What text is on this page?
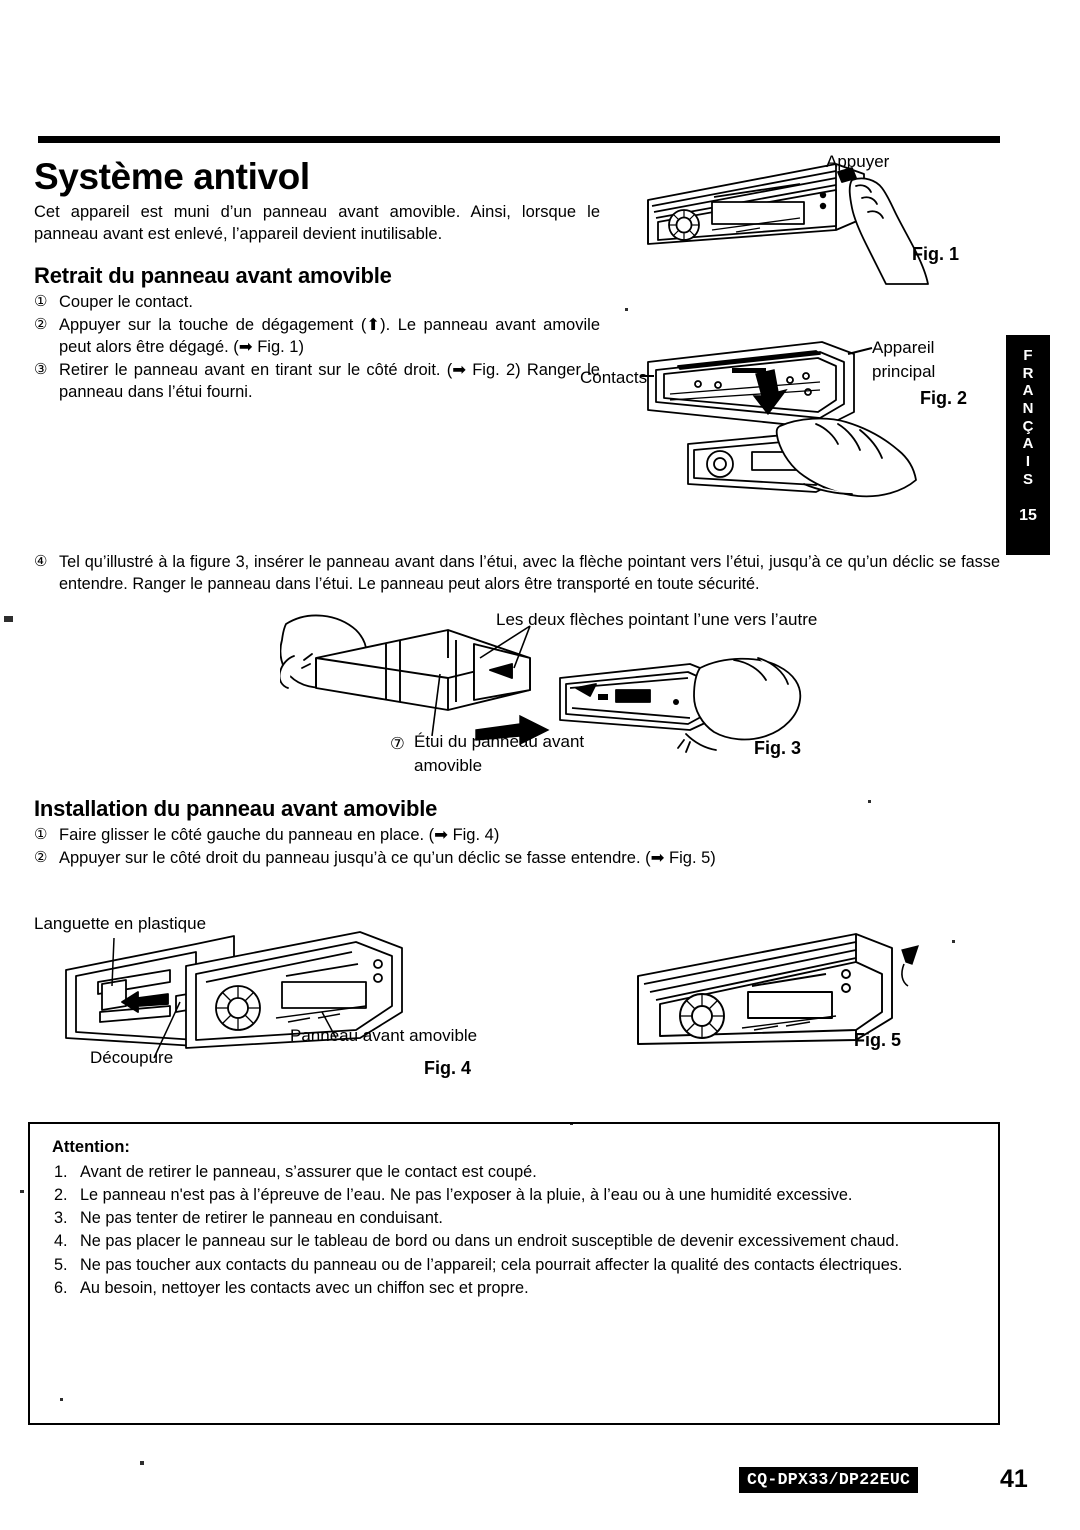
Système antivol

Cet appareil est muni d’un panneau avant amovible. Ainsi, lorsque le panneau avant est enlevé, l’appareil devient inutilisable.

Retrait du panneau avant amovible
① Couper le contact.
② Appuyer sur la touche de dégagement (⬆). Le panneau avant amovile peut alors être dégagé. (➡ Fig. 1)
③ Retirer le panneau avant en tirant sur le côté droit. (➡ Fig. 2) Ranger le panneau dans l’étui fourni.
④ Tel qu’illustré à la figure 3, insérer le panneau avant dans l’étui, avec la flèche pointant vers l’étui, jusqu’à ce qu’un déclic se fasse entendre. Ranger le panneau dans l’étui. Le panneau peut alors être transporté en toute sécurité.
Installation du panneau avant amovible
① Faire glisser le côté gauche du panneau en place. (➡ Fig. 4)
② Appuyer sur le côté droit du panneau jusqu’à ce qu’un déclic se fasse entendre. (➡ Fig. 5)
F
R
A
N
Ç
A
I
S
15
Appuyer
Fig. 1
Contacts
Appareil
principal
Fig. 2
Les deux flèches pointant l’une vers l’autre
⑦ Étui du panneau avant
amovible
Fig. 3
Languette en plastique
Découpure
Panneau avant amovible
Fig. 4
Fig. 5
Attention:
1. Avant de retirer le panneau, s’assurer que le contact est coupé.
2. Le panneau n'est pas à l’épreuve de l’eau. Ne pas l’exposer à la pluie, à l’eau ou à une humidité excessive.
3. Ne pas tenter de retirer le panneau en conduisant.
4. Ne pas placer le panneau sur le tableau de bord ou dans un endroit susceptible de devenir excessivement chaud.
5. Ne pas toucher aux contacts du panneau ou de l’appareil; cela pourrait affecter la qualité des contacts électriques.
6. Au besoin, nettoyer les contacts avec un chiffon sec et propre.
CQ-DPX33/DP22EUC	41
